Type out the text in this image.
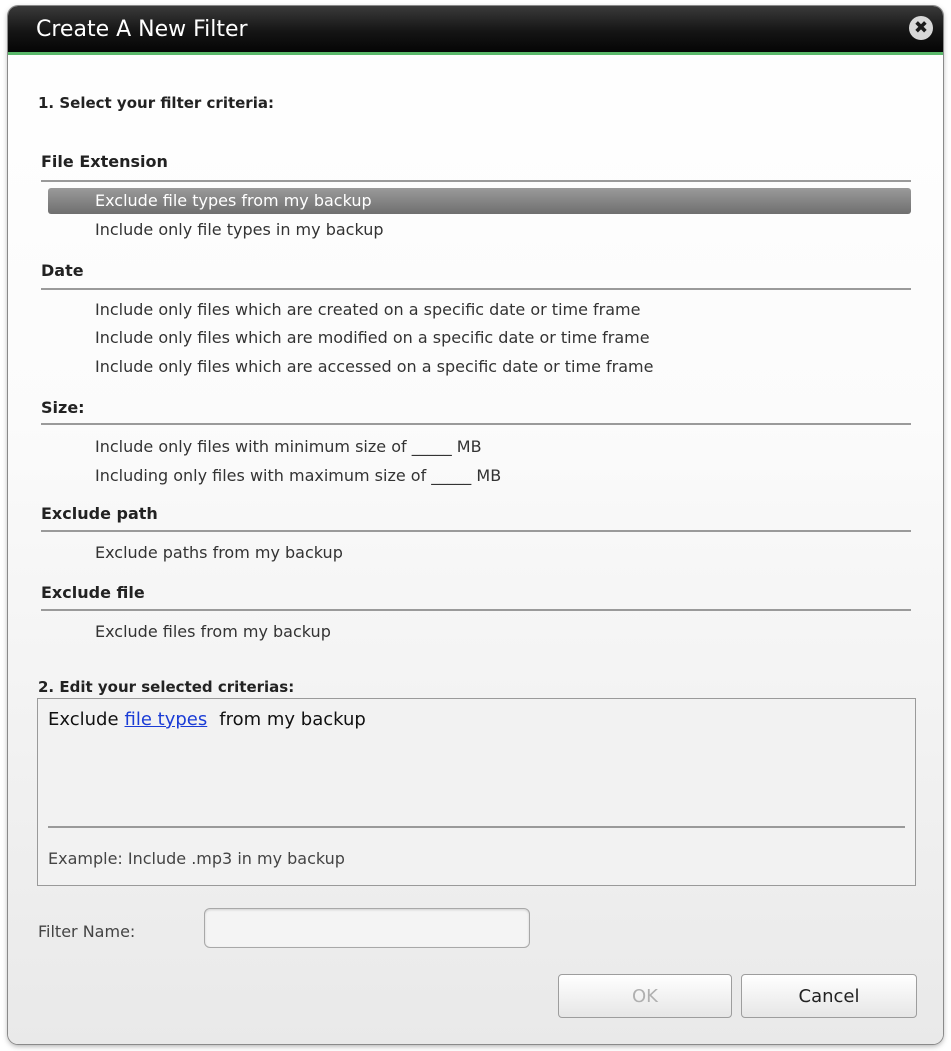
Create A New Filter	✖
1. Select your filter criteria:
File Extension
Exclude file types from my backup
Include only file types in my backup
Date
Include only files which are created on a specific date or time frame
Include only files which are modified on a specific date or time frame
Include only files which are accessed on a specific date or time frame
Size:
Include only files with minimum size of _____ MB
Including only files with maximum size of _____ MB
Exclude path
Exclude paths from my backup
Exclude file
Exclude files from my backup
2. Edit your selected criterias:
Exclude file types from my backup
Example: Include .mp3 in my backup
Filter Name:
OK	Cancel
